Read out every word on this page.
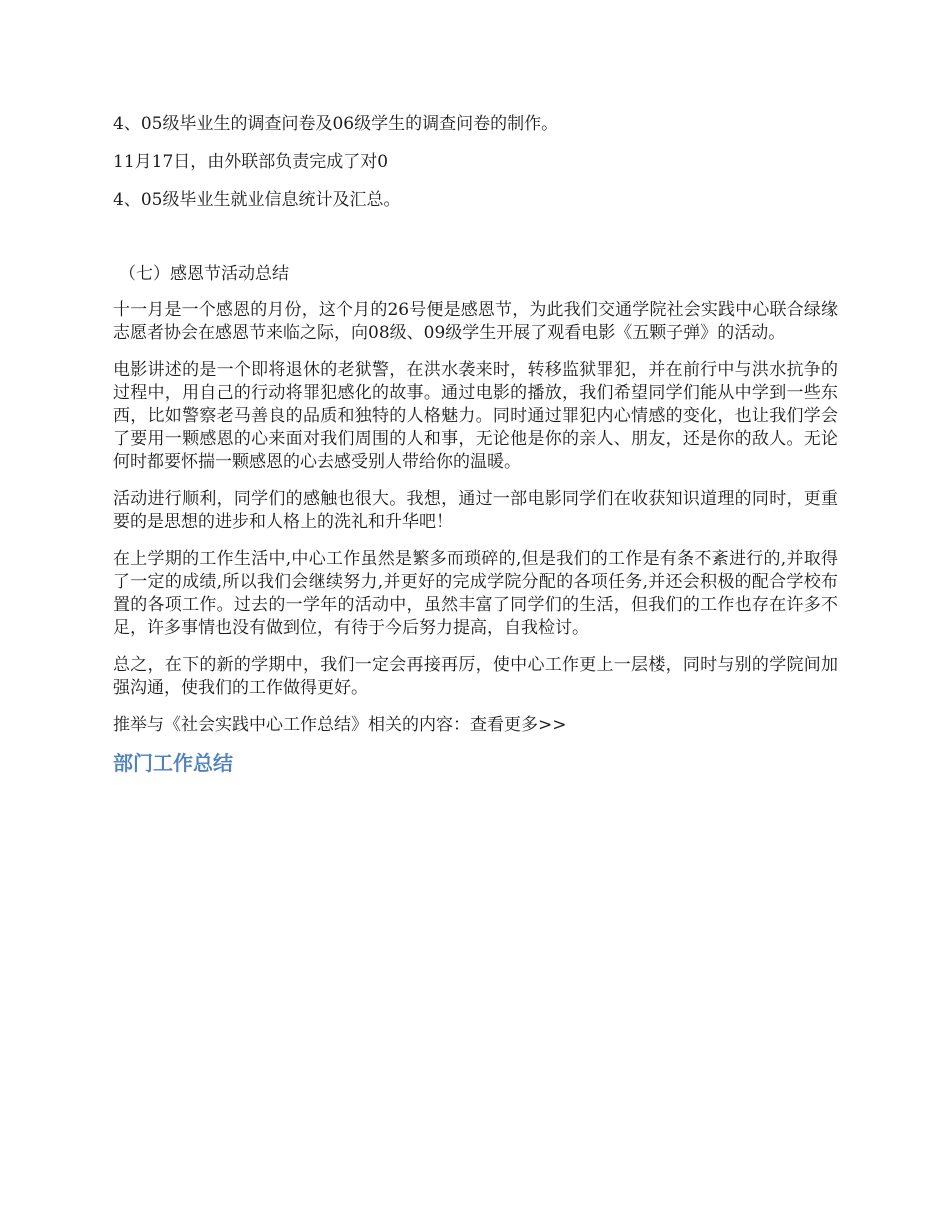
4、05级毕业生的调查问卷及06级学生的调查问卷的制作。

11月17日，由外联部负责完成了对0

4、05级毕业生就业信息统计及汇总。

（七）感恩节活动总结

十一月是一个感恩的月份，这个月的26号便是感恩节，为此我们交通学院社会实践中心联合绿缘志愿者协会在感恩节来临之际，向08级、09级学生开展了观看电影《五颗子弹》的活动。

电影讲述的是一个即将退休的老狱警，在洪水袭来时，转移监狱罪犯，并在前行中与洪水抗争的过程中，用自己的行动将罪犯感化的故事。通过电影的播放，我们希望同学们能从中学到一些东西，比如警察老马善良的品质和独特的人格魅力。同时通过罪犯内心情感的变化，也让我们学会了要用一颗感恩的心来面对我们周围的人和事，无论他是你的亲人、朋友，还是你的敌人。无论何时都要怀揣一颗感恩的心去感受别人带给你的温暖。

活动进行顺利，同学们的感触也很大。我想，通过一部电影同学们在收获知识道理的同时，更重要的是思想的进步和人格上的洗礼和升华吧！

在上学期的工作生活中,中心工作虽然是繁多而琐碎的,但是我们的工作是有条不紊进行的,并取得了一定的成绩,所以我们会继续努力,并更好的完成学院分配的各项任务,并还会积极的配合学校布置的各项工作。过去的一学年的活动中，虽然丰富了同学们的生活，但我们的工作也存在许多不足，许多事情也没有做到位，有待于今后努力提高，自我检讨。

总之，在下的新的学期中，我们一定会再接再厉，使中心工作更上一层楼，同时与别的学院间加强沟通，使我们的工作做得更好。

推举与《社会实践中心工作总结》相关的内容：查看更多>>

部门工作总结
